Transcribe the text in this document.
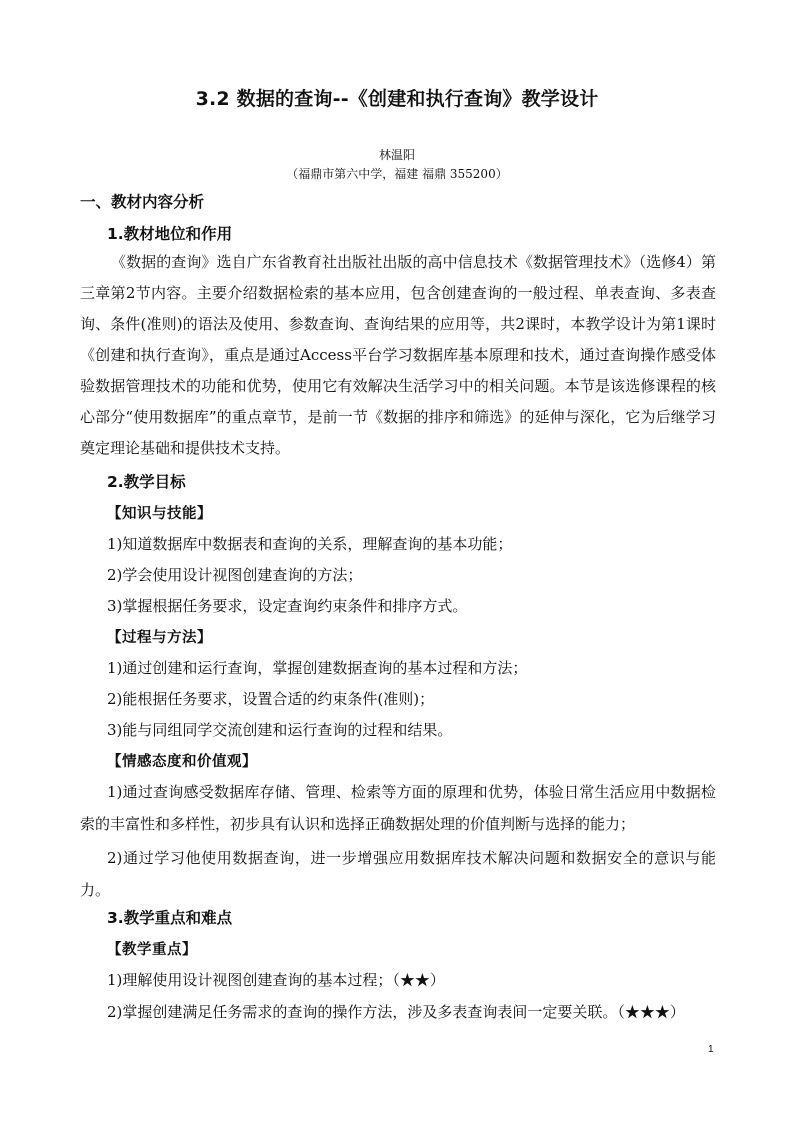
3.2 数据的查询--《创建和执行查询》教学设计
林温阳
（福鼎市第六中学，福建 福鼎 355200）
一、教材内容分析
1.教材地位和作用
《数据的查询》选自广东省教育社出版社出版的高中信息技术《数据管理技术》（选修4）第三章第2节内容。主要介绍数据检索的基本应用，包含创建查询的一般过程、单表查询、多表查询、条件(准则)的语法及使用、参数查询、查询结果的应用等，共2课时，本教学设计为第1课时《创建和执行查询》，重点是通过Access平台学习数据库基本原理和技术，通过查询操作感受体验数据管理技术的功能和优势，使用它有效解决生活学习中的相关问题。本节是该选修课程的核心部分“使用数据库”的重点章节，是前一节《数据的排序和筛选》的延伸与深化，它为后继学习奠定理论基础和提供技术支持。
2.教学目标
【知识与技能】
1)知道数据库中数据表和查询的关系，理解查询的基本功能；
2)学会使用设计视图创建查询的方法；
3)掌握根据任务要求，设定查询约束条件和排序方式。
【过程与方法】
1)通过创建和运行查询，掌握创建数据查询的基本过程和方法；
2)能根据任务要求，设置合适的约束条件(准则)；
3)能与同组同学交流创建和运行查询的过程和结果。
【情感态度和价值观】
1)通过查询感受数据库存储、管理、检索等方面的原理和优势，体验日常生活应用中数据检索的丰富性和多样性，初步具有认识和选择正确数据处理的价值判断与选择的能力；
2)通过学习他使用数据查询，进一步增强应用数据库技术解决问题和数据安全的意识与能力。
3.教学重点和难点
【教学重点】
1)理解使用设计视图创建查询的基本过程；（★★）
2)掌握创建满足任务需求的查询的操作方法，涉及多表查询表间一定要关联。（★★★）
1
